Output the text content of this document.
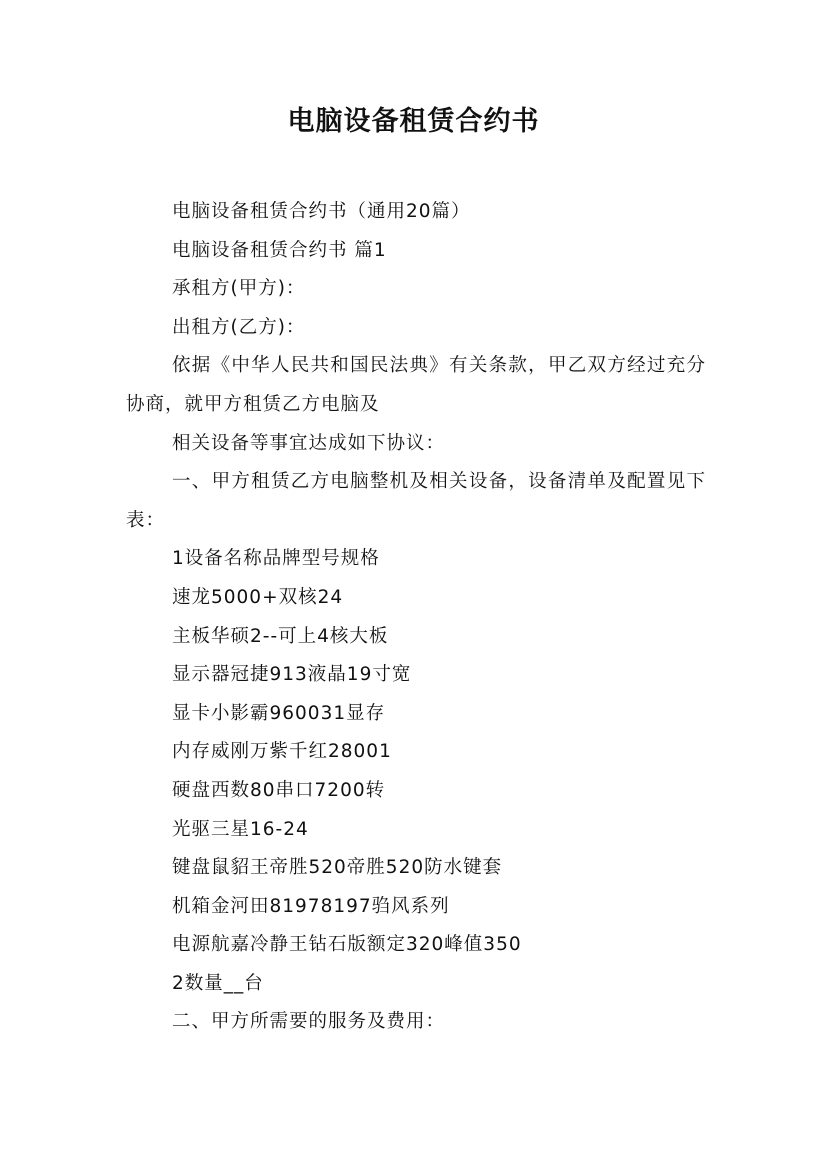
电脑设备租赁合约书

电脑设备租赁合约书（通用20篇）

电脑设备租赁合约书 篇1

承租方(甲方)：

出租方(乙方)：

依据《中华人民共和国民法典》有关条款，甲乙双方经过充分协商，就甲方租赁乙方电脑及

相关设备等事宜达成如下协议：

一、甲方租赁乙方电脑整机及相关设备，设备清单及配置见下表：

1设备名称品牌型号规格

速龙5000+双核24

主板华硕2--可上4核大板

显示器冠捷913液晶19寸宽

显卡小影霸960031显存

内存威刚万紫千红28001

硬盘西数80串口7200转

光驱三星16-24

键盘鼠貂王帝胜520帝胜520防水键套

机箱金河田81978197驺风系列

电源航嘉冷静王钻石版额定320峰值350

2数量__台

二、甲方所需要的服务及费用：
